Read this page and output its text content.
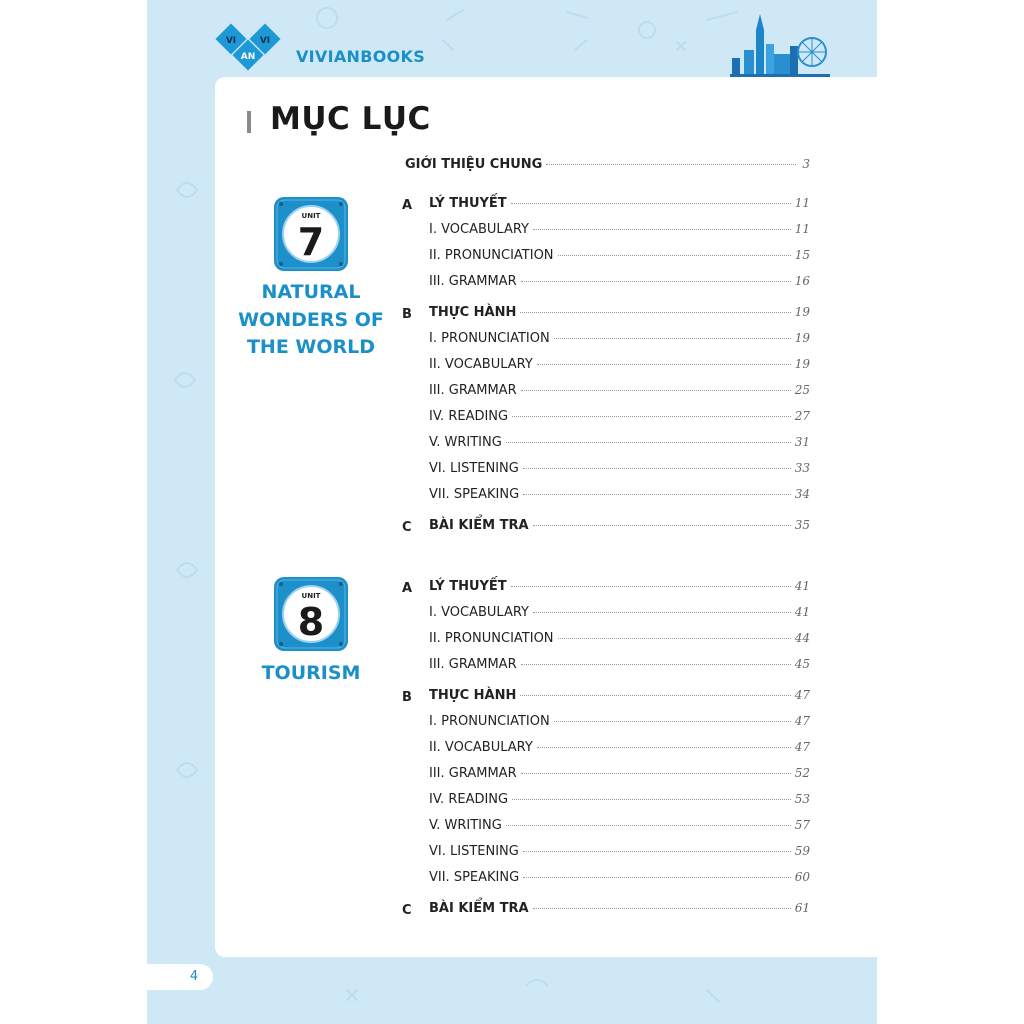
VI	VI
AN	VIVIANBOOKS
MỤC LỤC
UNIT
7
NATURAL
WONDERS OF
THE WORLD
UNIT
8
TOURISM
GIỚI THIỆU CHUNG	3
A LÝ THUYẾT	11
I. VOCABULARY	11
II. PRONUNCIATION	15
III. GRAMMAR	16
B THỰC HÀNH	19
I. PRONUNCIATION	19
II. VOCABULARY	19
III. GRAMMAR	25
IV. READING	27
V. WRITING	31
VI. LISTENING	33
VII. SPEAKING	34
C BÀI KIỂM TRA	35
A LÝ THUYẾT	41
I. VOCABULARY	41
II. PRONUNCIATION	44
III. GRAMMAR	45
B THỰC HÀNH	47
I. PRONUNCIATION	47
II. VOCABULARY	47
III. GRAMMAR	52
IV. READING	53
V. WRITING	57
VI. LISTENING	59
VII. SPEAKING	60
C BÀI KIỂM TRA	61
4
